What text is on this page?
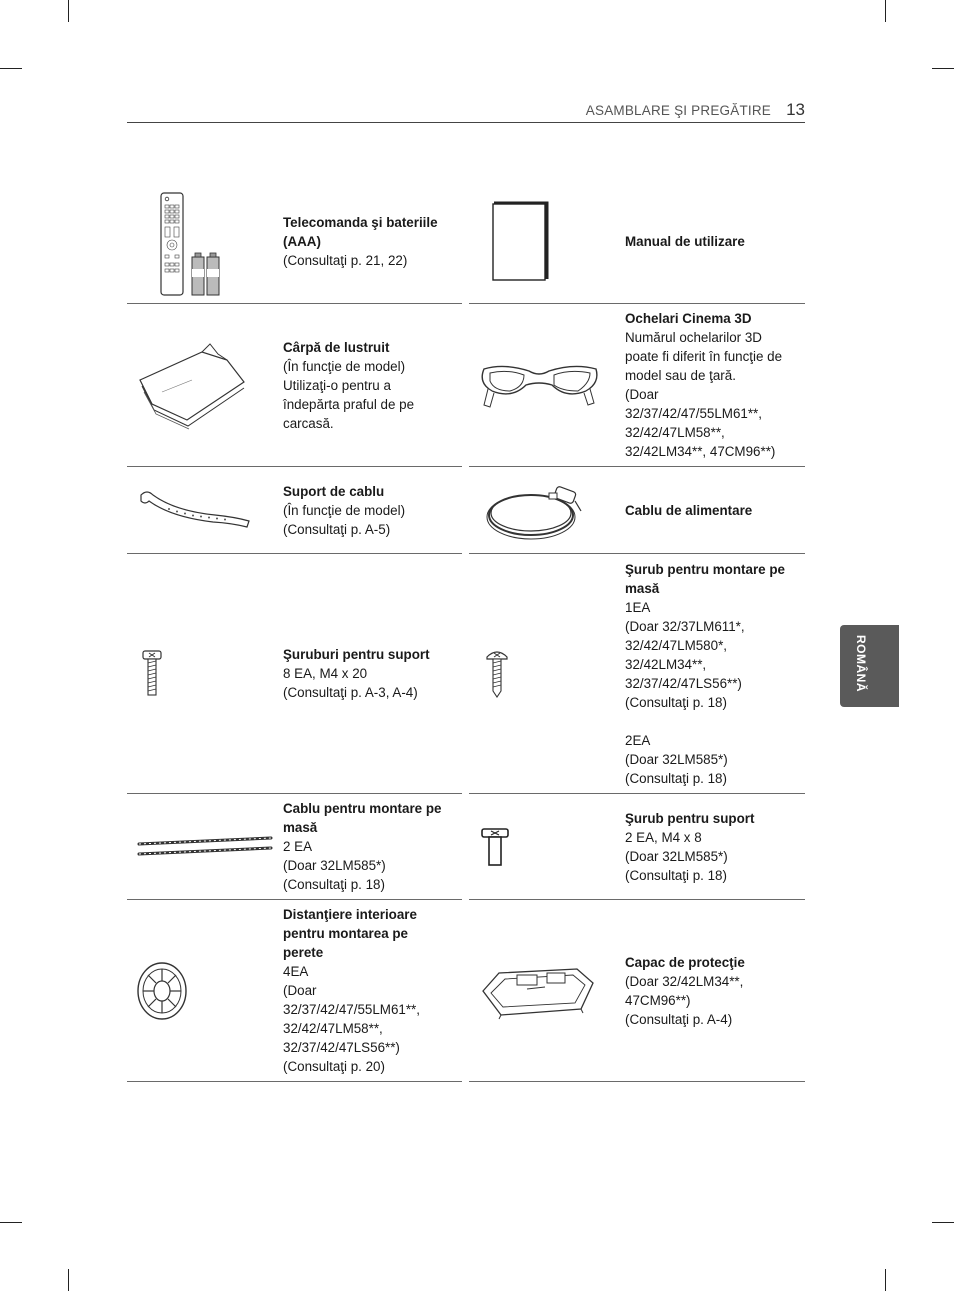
ASAMBLARE ŞI PREGĂTIRE 13
ROMÂNĂ
Telecomanda şi bateriile
(AAA)
(Consultaţi p. 21, 22)
Manual de utilizare
Cârpă de lustruit
(În funcţie de model)
Utilizaţi-o pentru a
îndepărta praful de pe
carcasă.
Ochelari Cinema 3D
Numărul ochelarilor 3D
poate fi diferit în funcţie de
model sau de ţară.
(Doar
32/37/42/47/55LM61**,
32/42/47LM58**,
32/42LM34**, 47CM96**)
Suport de cablu
(În funcţie de model)
(Consultaţi p. A-5)
Cablu de alimentare
Şuruburi pentru suport
8 EA, M4 x 20
(Consultaţi p. A-3, A-4)
Şurub pentru montare pe
masă
1EA
(Doar 32/37LM611*,
32/42/47LM580*,
32/42LM34**,
32/37/42/47LS56**)
(Consultaţi p. 18)

2EA
(Doar 32LM585*)
(Consultaţi p. 18)
Cablu pentru montare pe
masă
2 EA
(Doar 32LM585*)
(Consultaţi p. 18)
Şurub pentru suport
2 EA, M4 x 8
(Doar 32LM585*)
(Consultaţi p. 18)
Distanţiere interioare
pentru montarea pe
perete
4EA
(Doar
32/37/42/47/55LM61**,
32/42/47LM58**,
32/37/42/47LS56**)
(Consultaţi p. 20)
Capac de protecţie
(Doar 32/42LM34**,
47CM96**)
(Consultaţi p. A-4)
